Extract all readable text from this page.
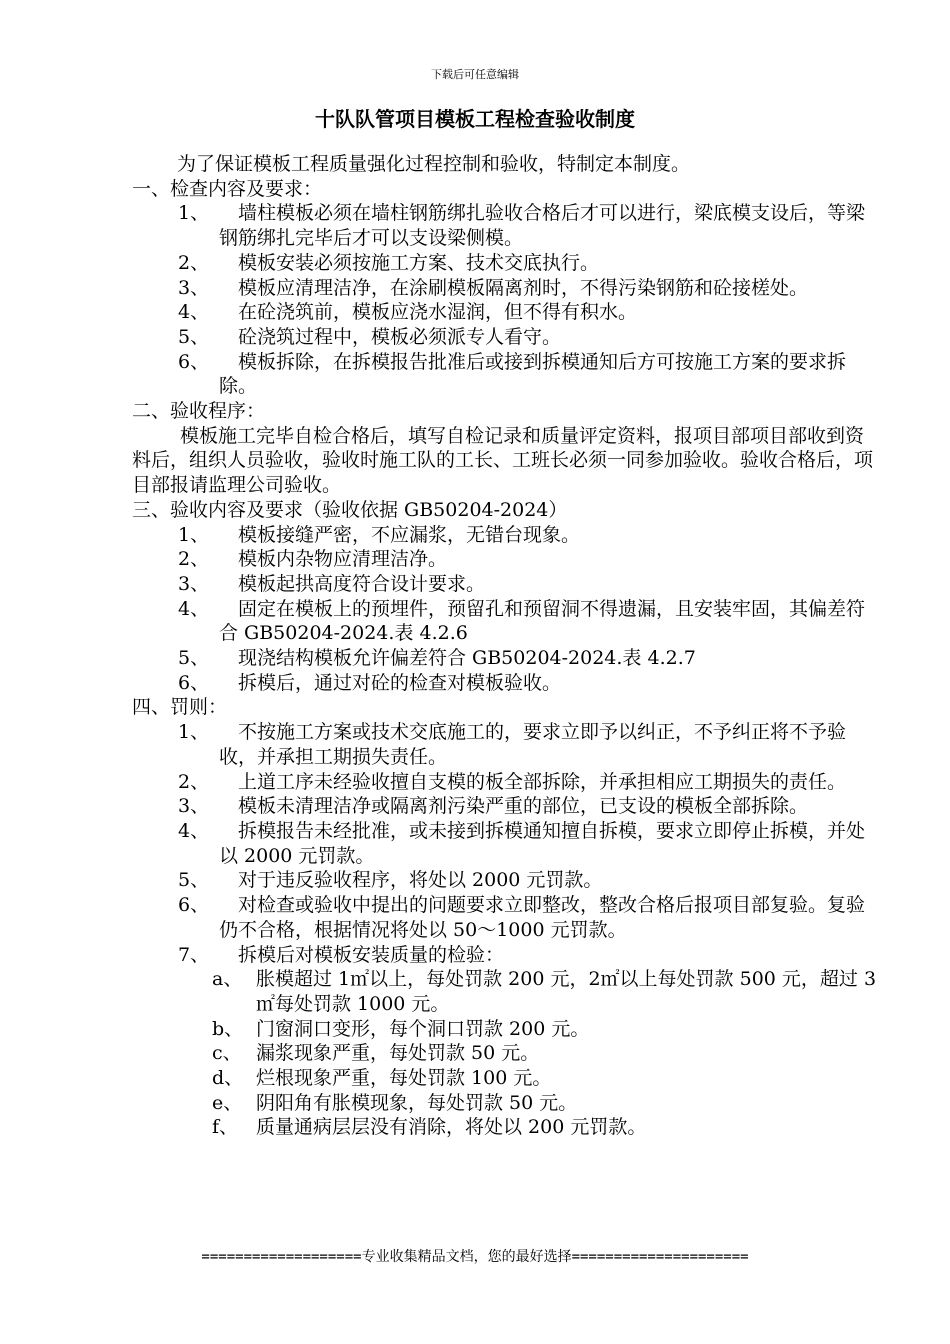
下载后可任意编辑
十队队管项目模板工程检查验收制度

为了保证模板工程质量强化过程控制和验收，特制定本制度。

一、检查内容及要求：

1、	墙柱模板必须在墙柱钢筋绑扎验收合格后才可以进行，梁底模支设后，等梁钢筋绑扎完毕后才可以支设梁侧模。
2、	模板安装必须按施工方案、技术交底执行。
3、	模板应清理洁净，在涂刷模板隔离剂时，不得污染钢筋和砼接槎处。
4、	在砼浇筑前，模板应浇水湿润，但不得有积水。
5、	砼浇筑过程中，模板必须派专人看守。
6、	模板拆除，在拆模报告批准后或接到拆模通知后方可按施工方案的要求拆除。

二、验收程序：

模板施工完毕自检合格后，填写自检记录和质量评定资料，报项目部项目部收到资料后，组织人员验收，验收时施工队的工长、工班长必须一同参加验收。验收合格后，项目部报请监理公司验收。

三、验收内容及要求（验收依据 GB50204-2024）

1、	模板接缝严密，不应漏浆，无错台现象。
2、	模板内杂物应清理洁净。
3、	模板起拱高度符合设计要求。
4、	固定在模板上的预埋件，预留孔和预留洞不得遗漏，且安装牢固，其偏差符合 GB50204-2024.表 4.2.6
5、	现浇结构模板允许偏差符合 GB50204-2024.表 4.2.7
6、	拆模后，通过对砼的检查对模板验收。

四、罚则：

1、	不按施工方案或技术交底施工的，要求立即予以纠正，不予纠正将不予验收，并承担工期损失责任。
2、	上道工序未经验收擅自支模的板全部拆除，并承担相应工期损失的责任。
3、	模板未清理洁净或隔离剂污染严重的部位，已支设的模板全部拆除。
4、	拆模报告未经批准，或未接到拆模通知擅自拆模，要求立即停止拆模，并处以 2000 元罚款。
5、	对于违反验收程序，将处以 2000 元罚款。
6、	对检查或验收中提出的问题要求立即整改，整改合格后报项目部复验。复验仍不合格，根据情况将处以 50～1000 元罚款。
7、	拆模后对模板安装质量的检验：
a、 胀模超过 1㎡以上，每处罚款 200 元，2㎡以上每处罚款 500 元，超过 3㎡每处罚款 1000 元。
b、 门窗洞口变形，每个洞口罚款 200 元。
c、 漏浆现象严重，每处罚款 50 元。
d、 烂根现象严重，每处罚款 100 元。
e、 阴阳角有胀模现象，每处罚款 50 元。
f、 质量通病层层没有消除，将处以 200 元罚款。
===================专业收集精品文档，您的最好选择=====================
